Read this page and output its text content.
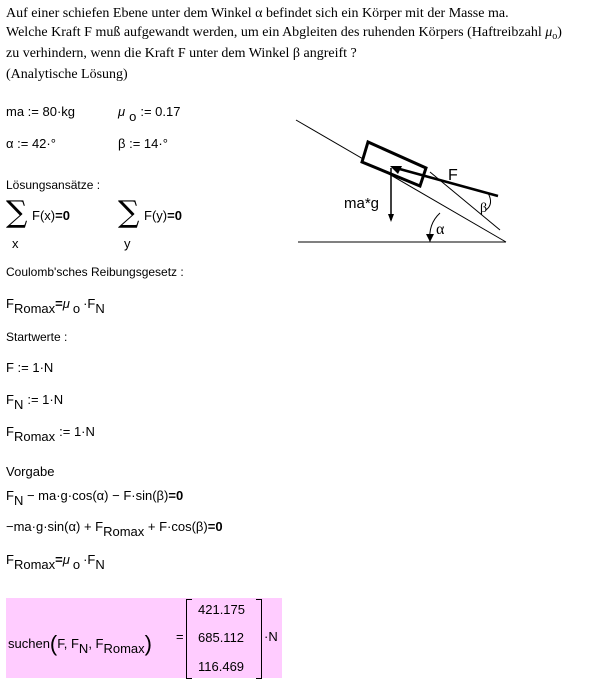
Auf einer schiefen Ebene unter dem Winkel α befindet sich ein Körper mit der Masse ma.
Welche Kraft F muß aufgewandt werden, um ein Abgleiten des ruhenden Körpers (Haftreibzahl $\mu_o$)
zu verhindern, wenn die Kraft F unter dem Winkel β angreift ?
(Analytische Lösung)
ma := 80·kg	μ o := 0.17
α := 42·°	β := 14·°
F
ma*g	β
α
Lösungsansätze :
∑ F(x)=0
x
∑ F(y)=0
y
Coulomb'sches Reibungsgesetz :
FRomax=μ o ·FN
Startwerte :
F := 1·N
FN := 1·N
FRomax := 1·N
Vorgabe
FN − ma·g·cos(α) − F·sin(β)=0
−ma·g·sin(α) + FRomax + F·cos(β)=0
FRomax=μ o ·FN
suchen(F, FN, FRomax) =
421.175
685.112
116.469
·N
